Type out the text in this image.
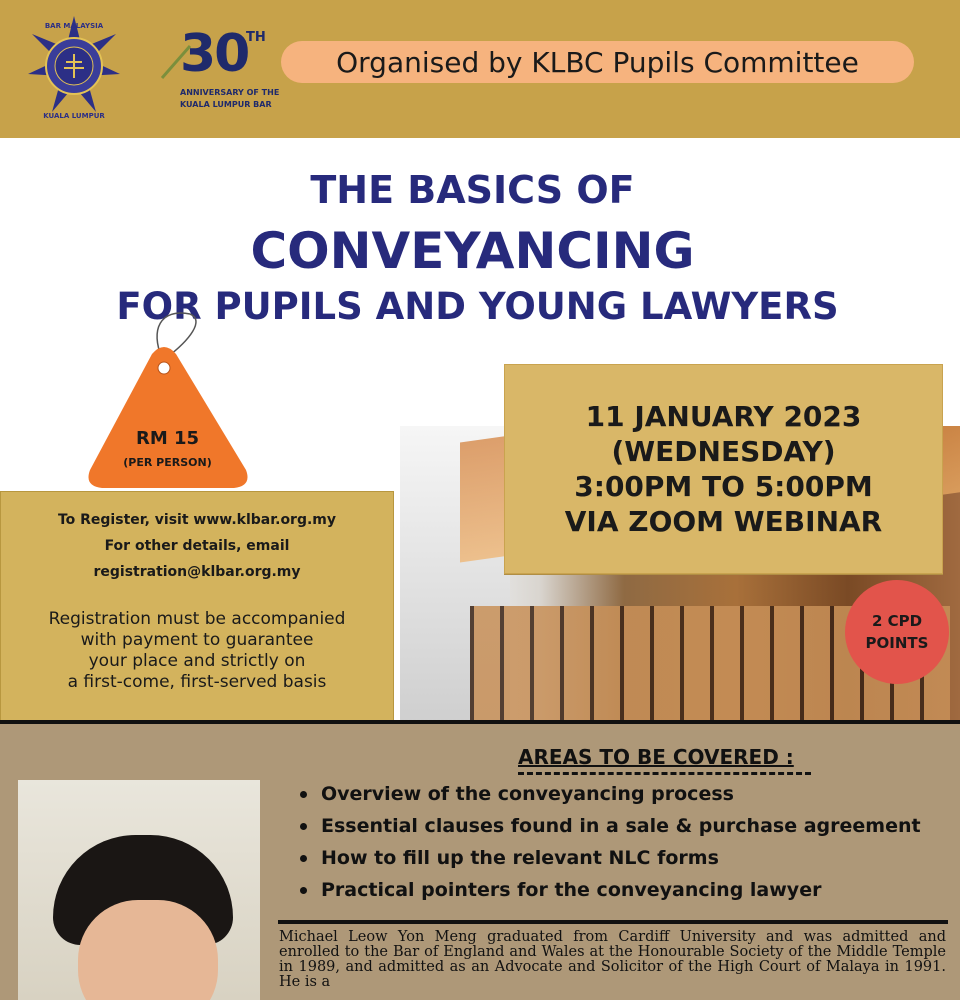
BAR MALAYSIA
KUALA LUMPUR
30
TH
ANNIVERSARY OF THE
KUALA LUMPUR BAR
Organised by KLBC Pupils Committee
THE BASICS OF
CONVEYANCING
FOR PUPILS AND YOUNG LAWYERS
11 JANUARY 2023
(WEDNESDAY)
3:00PM TO 5:00PM
VIA ZOOM WEBINAR
2 CPD
POINTS
To Register, visit www.klbar.org.my
For other details, email
registration@klbar.org.my
Registration must be accompanied
with payment to guarantee
your place and strictly on
a first-come, first-served basis
RM 15
(PER PERSON)
AREAS TO BE COVERED :
Overview of the conveyancing process
Essential clauses found in a sale & purchase agreement
How to fill up the relevant NLC forms
Practical pointers for the conveyancing lawyer
Michael Leow Yon Meng graduated from Cardiff University and was admitted and enrolled to the Bar of England and Wales at the Honourable Society of the Middle Temple in 1989, and admitted as an Advocate and Solicitor of the High Court of Malaya in 1991. He is a
